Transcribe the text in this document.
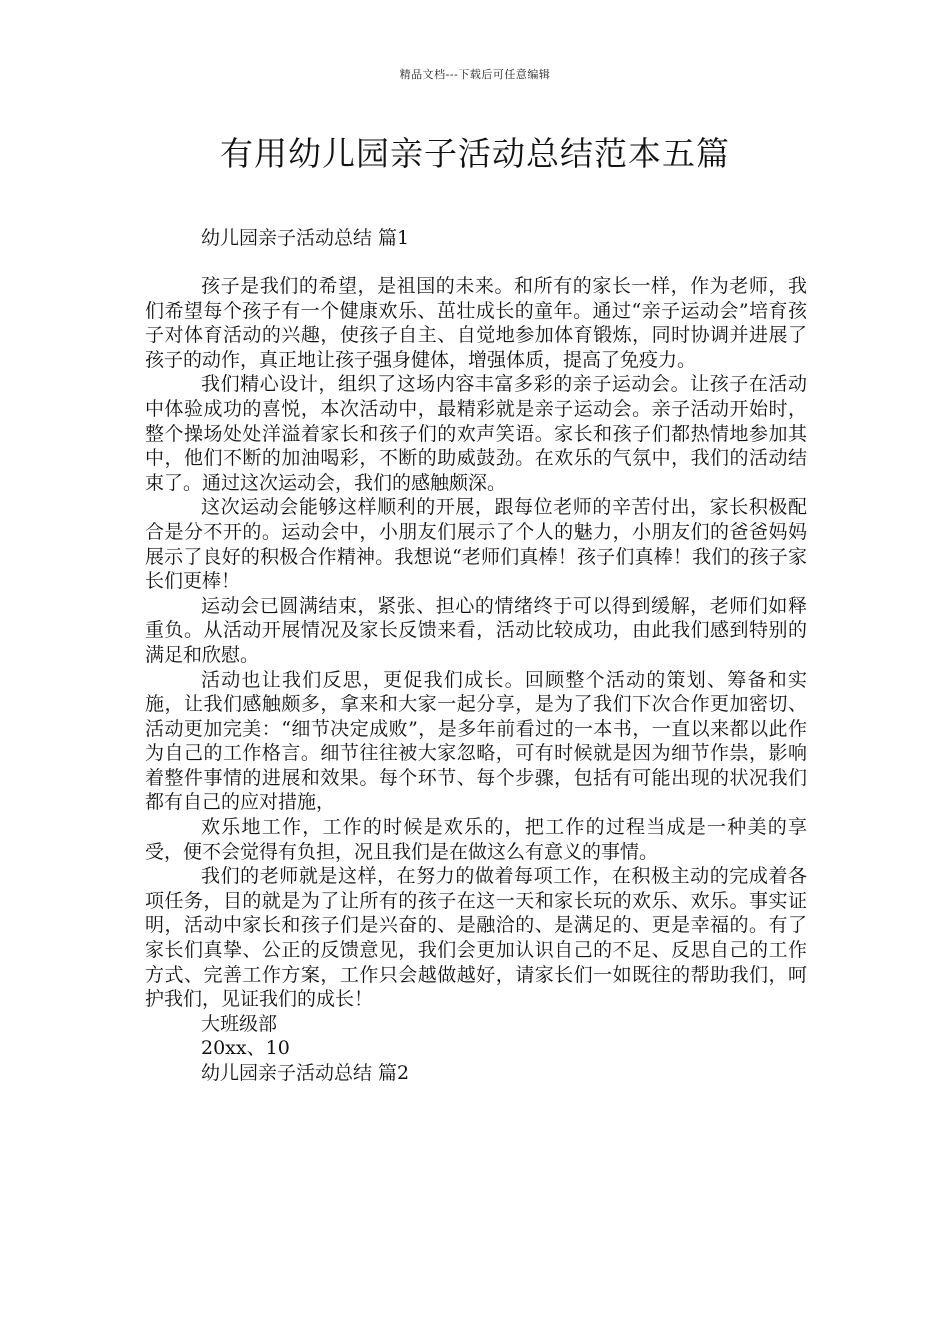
精品文档---下载后可任意编辑
有用幼儿园亲子活动总结范本五篇
幼儿园亲子活动总结 篇1

孩子是我们的希望，是祖国的未来。和所有的家长一样，作为老师，我们希望每个孩子有一个健康欢乐、茁壮成长的童年。通过“亲子运动会”培育孩子对体育活动的兴趣，使孩子自主、自觉地参加体育锻炼，同时协调并进展了孩子的动作，真正地让孩子强身健体，增强体质，提高了免疫力。

我们精心设计，组织了这场内容丰富多彩的亲子运动会。让孩子在活动中体验成功的喜悦，本次活动中，最精彩就是亲子运动会。亲子活动开始时，整个操场处处洋溢着家长和孩子们的欢声笑语。家长和孩子们都热情地参加其中，他们不断的加油喝彩，不断的助威鼓劲。在欢乐的气氛中，我们的活动结束了。通过这次运动会，我们的感触颇深。

这次运动会能够这样顺利的开展，跟每位老师的辛苦付出，家长积极配合是分不开的。运动会中，小朋友们展示了个人的魅力，小朋友们的爸爸妈妈展示了良好的积极合作精神。我想说“老师们真棒！孩子们真棒！我们的孩子家长们更棒！

运动会已圆满结束，紧张、担心的情绪终于可以得到缓解，老师们如释重负。从活动开展情况及家长反馈来看，活动比较成功，由此我们感到特别的满足和欣慰。

活动也让我们反思，更促我们成长。回顾整个活动的策划、筹备和实施，让我们感触颇多，拿来和大家一起分享，是为了我们下次合作更加密切、活动更加完美：“细节决定成败”，是多年前看过的一本书，一直以来都以此作为自己的工作格言。细节往往被大家忽略，可有时候就是因为细节作祟，影响着整件事情的进展和效果。每个环节、每个步骤，包括有可能出现的状况我们都有自己的应对措施，

欢乐地工作，工作的时候是欢乐的，把工作的过程当成是一种美的享受，便不会觉得有负担，况且我们是在做这么有意义的事情。

我们的老师就是这样，在努力的做着每项工作，在积极主动的完成着各项任务，目的就是为了让所有的孩子在这一天和家长玩的欢乐、欢乐。事实证明，活动中家长和孩子们是兴奋的、是融洽的、是满足的、更是幸福的。有了家长们真挚、公正的反馈意见，我们会更加认识自己的不足、反思自己的工作方式、完善工作方案，工作只会越做越好，请家长们一如既往的帮助我们，呵护我们，见证我们的成长！

大班级部

20xx、10

幼儿园亲子活动总结 篇2
